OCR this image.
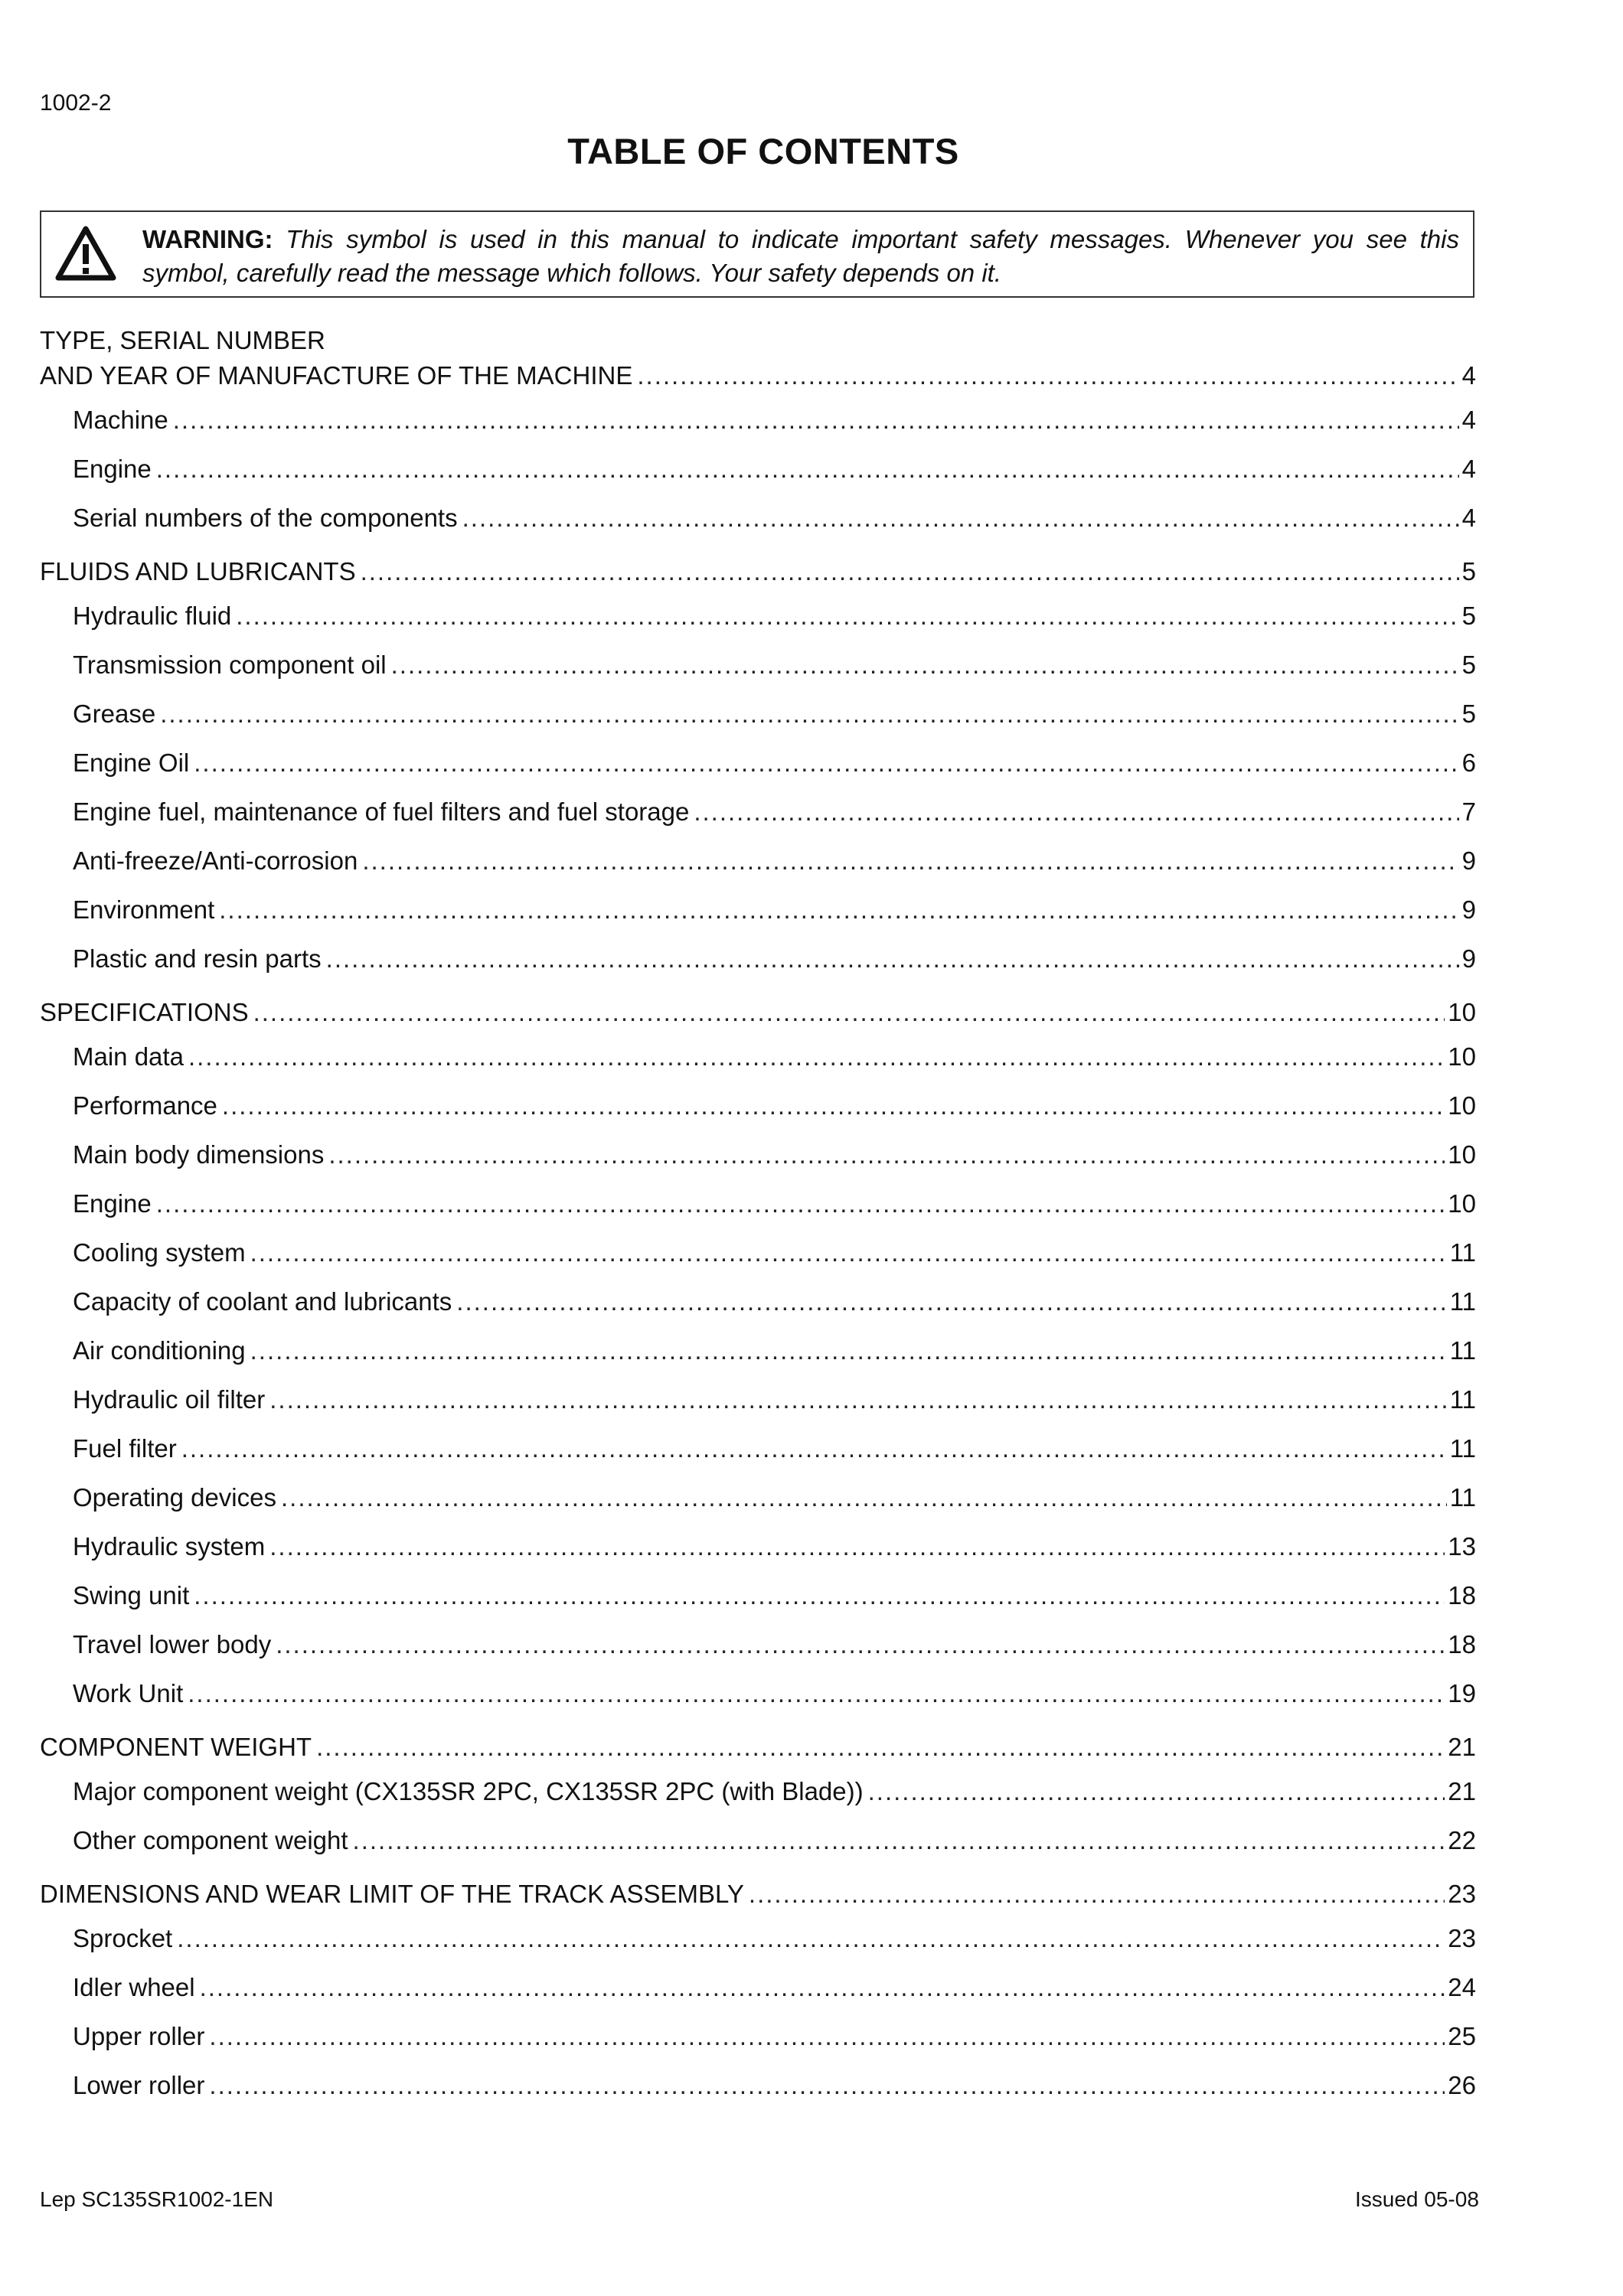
1002-2
TABLE OF CONTENTS
WARNING: This symbol is used in this manual to indicate important safety messages. Whenever you see this symbol, carefully read the message which follows. Your safety depends on it.
TYPE, SERIAL NUMBER
AND YEAR OF MANUFACTURE OF THE MACHINE .....	4
Machine .....	4
Engine .....	4
Serial numbers of the components .....	4
FLUIDS AND LUBRICANTS .....	5
Hydraulic fluid .....	5
Transmission component oil .....	5
Grease .....	5
Engine Oil .....	6
Engine fuel, maintenance of fuel filters and fuel storage .....	7
Anti-freeze/Anti-corrosion .....	9
Environment .....	9
Plastic and resin parts .....	9
SPECIFICATIONS .....	10
Main data .....	10
Performance .....	10
Main body dimensions .....	10
Engine .....	10
Cooling system .....	11
Capacity of coolant and lubricants .....	11
Air conditioning .....	11
Hydraulic oil filter .....	11
Fuel filter .....	11
Operating devices .....	11
Hydraulic system .....	13
Swing unit .....	18
Travel lower body .....	18
Work Unit .....	19
COMPONENT WEIGHT .....	21
Major component weight (CX135SR 2PC, CX135SR 2PC (with Blade)) .....	21
Other component weight .....	22
DIMENSIONS AND WEAR LIMIT OF THE TRACK ASSEMBLY .....	23
Sprocket .....	23
Idler wheel .....	24
Upper roller .....	25
Lower roller .....	26
Lep SC135SR1002-1EN	Issued 05-08
